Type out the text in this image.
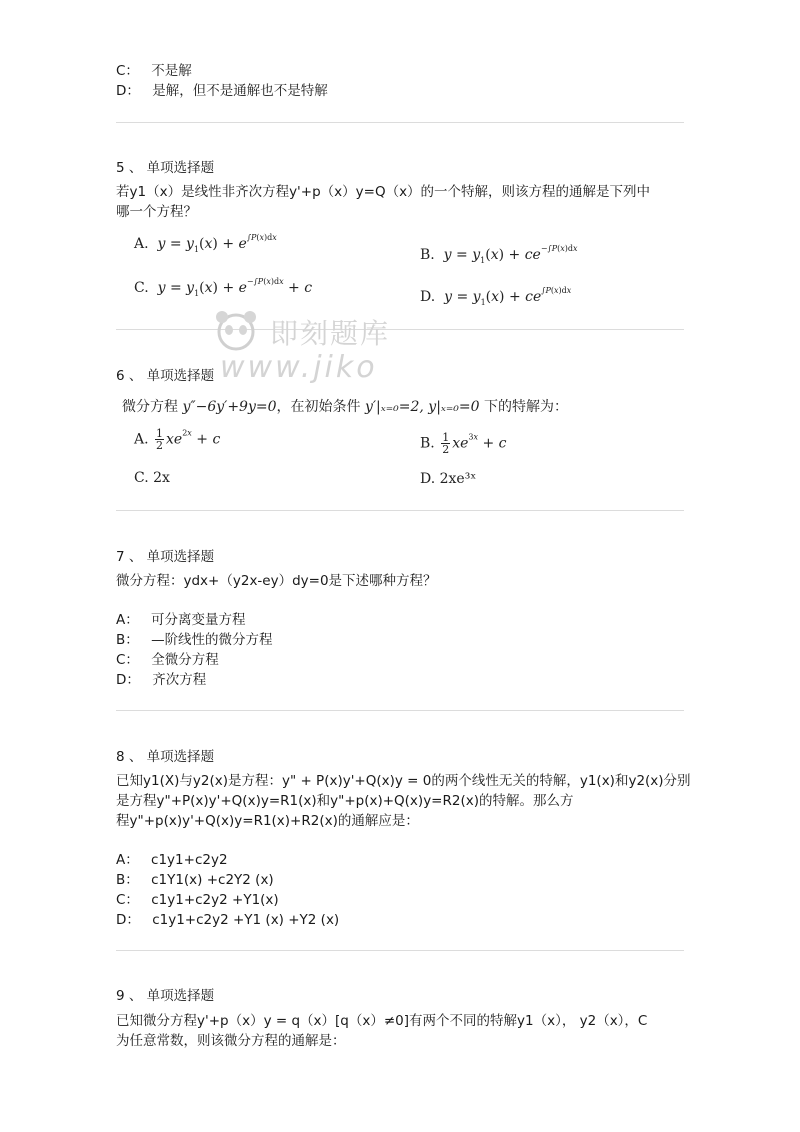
C： 不是解
D： 是解，但不是通解也不是特解
5 、 单项选择题
若y1（x）是线性非齐次方程y'+p（x）y=Q（x）的一个特解，则该方程的通解是下列中
哪一个方程？
A.  $y = y_1(x) + e^{\int P(x)dx}$
B.  $y = y_1(x) + ce^{-\int P(x)dx}$
C.  $y = y_1(x) + e^{-\int P(x)dx} + c$
D.  $y = y_1(x) + ce^{\int P(x)dx}$
即刻题库
www.jiko
6 、 单项选择题
微分方程 y″−6y′+9y=0，在初始条件 y′|ₓ₌₀=2, y|ₓ₌₀=0 下的特解为：
A. $\frac{1}{2} xe^{2x} + c$	B. $\frac{1}{2} xe^{3x} + c$
C. 2x	D. 2xe³ˣ
7 、 单项选择题
微分方程：ydx+（y2x-ey）dy=0是下述哪种方程？
A： 可分离变量方程
B： —阶线性的微分方程
C： 全微分方程
D： 齐次方程
8 、 单项选择题
已知y1(X)与y2(x)是方程：y" + P(x)y'+Q(x)y = 0的两个线性无关的特解，y1(x)和y2(x)分别
是方程y"+P(x)y'+Q(x)y=R1(x)和y"+p(x)+Q(x)y=R2(x)的特解。那么方
程y"+p(x)y'+Q(x)y=R1(x)+R2(x)的通解应是：
A： c1y1+c2y2
B： c1Y1(x) +c2Y2 (x)
C： c1y1+c2y2 +Y1(x)
D： c1y1+c2y2 +Y1 (x) +Y2 (x)
9 、 单项选择题
已知微分方程y'+p（x）y = q（x）[q（x）≠0]有两个不同的特解y1（x）， y2（x），C
为任意常数，则该微分方程的通解是：
